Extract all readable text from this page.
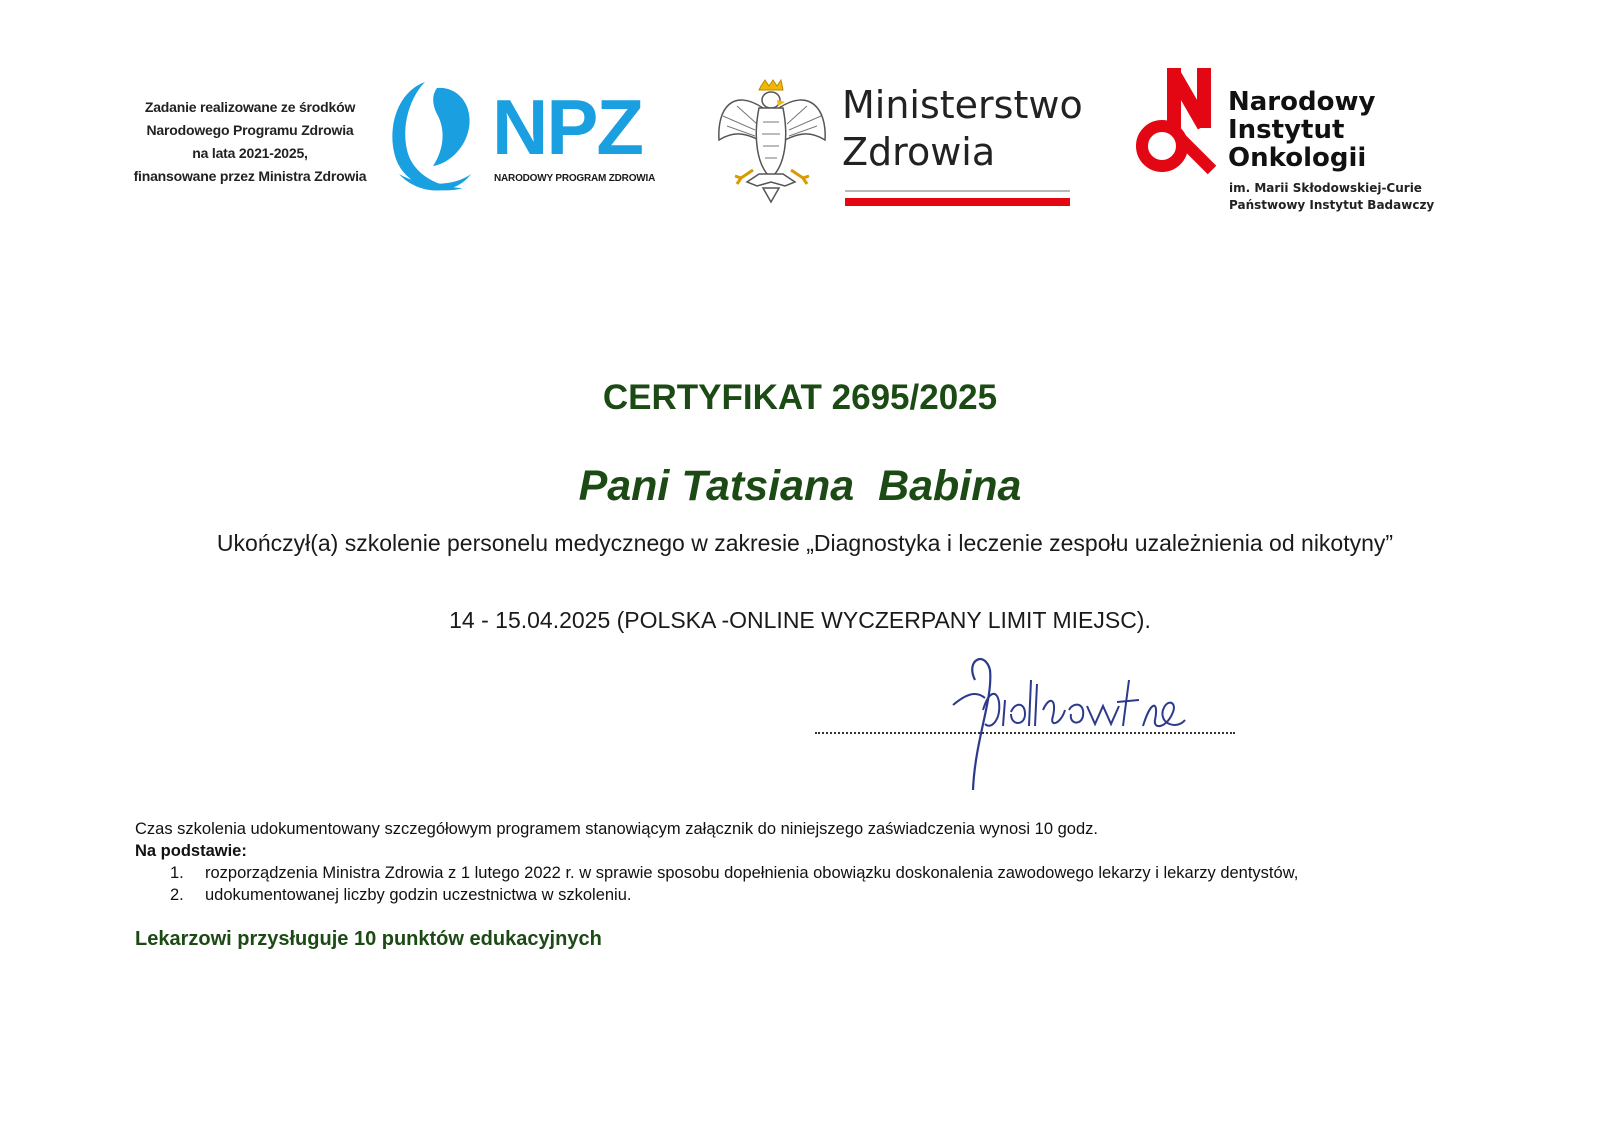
Zadanie realizowane ze środków
Narodowego Programu Zdrowia
na lata 2021-2025,
finansowane przez Ministra Zdrowia
NPZ
NARODOWY PROGRAM ZDROWIA
Ministerstwo
Zdrowia
Narodowy
Instytut
Onkologii
im. Marii Skłodowskiej-Curie
Państwowy Instytut Badawczy
CERTYFIKAT 2695/2025
Pani Tatsiana  Babina
Ukończył(a) szkolenie personelu medycznego w zakresie „Diagnostyka i leczenie zespołu uzależnienia od nikotyny”
14 - 15.04.2025 (POLSKA -ONLINE WYCZERPANY LIMIT MIEJSC).
Czas szkolenia udokumentowany szczegółowym programem stanowiącym załącznik do niniejszego zaświadczenia wynosi 10 godz.
Na podstawie:
1. rozporządzenia Ministra Zdrowia z 1 lutego 2022 r. w sprawie sposobu dopełnienia obowiązku doskonalenia zawodowego lekarzy i lekarzy dentystów,
2. udokumentowanej liczby godzin uczestnictwa w szkoleniu.
Lekarzowi przysługuje 10 punktów edukacyjnych
